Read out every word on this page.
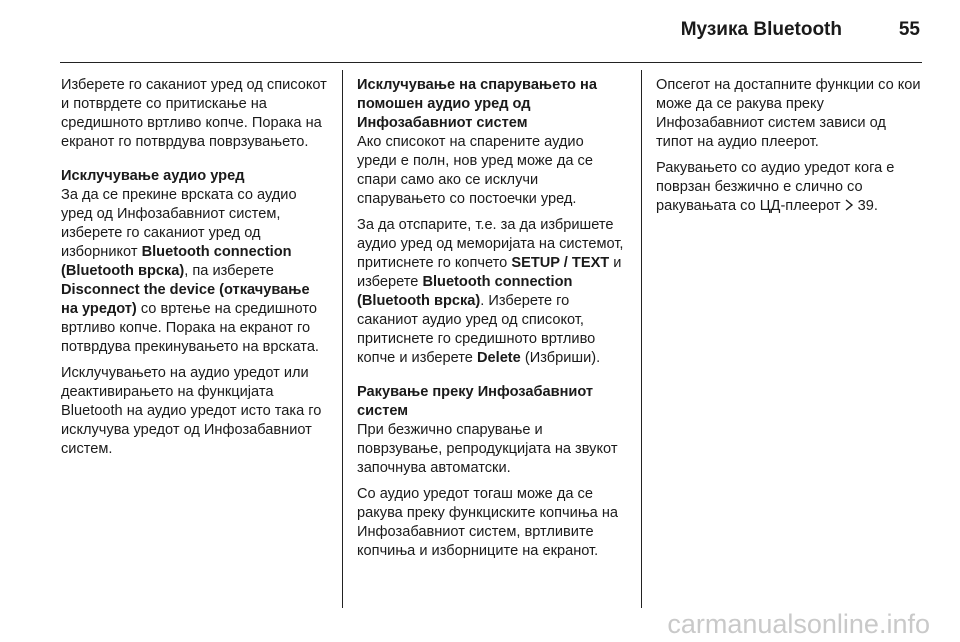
Музика Bluetooth	55

Изберете го саканиот уред од списокот и потврдете со притискање на средишното вртливо копче. Порака на екранот го потврдува поврзувањето.

Исклучување аудио уред
За да се прекине врската со аудио уред од Инфозабавниот систем, изберете го саканиот уред од изборникот Bluetooth connection (Bluetooth врска), па изберете Disconnect the device (откачување на уредот) со вртење на средишното вртливо копче. Порака на екранот го потврдува прекинувањето на врската.

Исклучувањето на аудио уредот или деактивирањето на функцијата Bluetooth на аудио уредот исто така го исклучува уредот од Инфозабавниот систем.

Исклучување на спарувањето на помошен аудио уред од Инфозабавниот систем
Ако списокот на спарените аудио уреди е полн, нов уред може да се спари само ако се исклучи спарувањето со постоечки уред.

За да отспарите, т.е. за да избришете аудио уред од меморијата на системот, притиснете го копчето SETUP / TEXT и изберете Bluetooth connection (Bluetooth врска). Изберете го саканиот аудио уред од списокот, притиснете го средишното вртливо копче и изберете Delete (Избриши).

Ракување преку Инфозабавниот систем
При безжично спарување и поврзување, репродукцијата на звукот започнува автоматски.

Со аудио уредот тогаш може да се ракува преку функциските копчиња на Инфозабавниот систем, вртливите копчиња и изборниците на екранот.

Опсегот на достапните функции со кои може да се ракува преку Инфозабавниот систем зависи од типот на аудио плеерот.

Ракувањето со аудио уредот кога е поврзан безжично е слично со ракувањата со ЦД-плеерот  39.

carmanualsonline.info
